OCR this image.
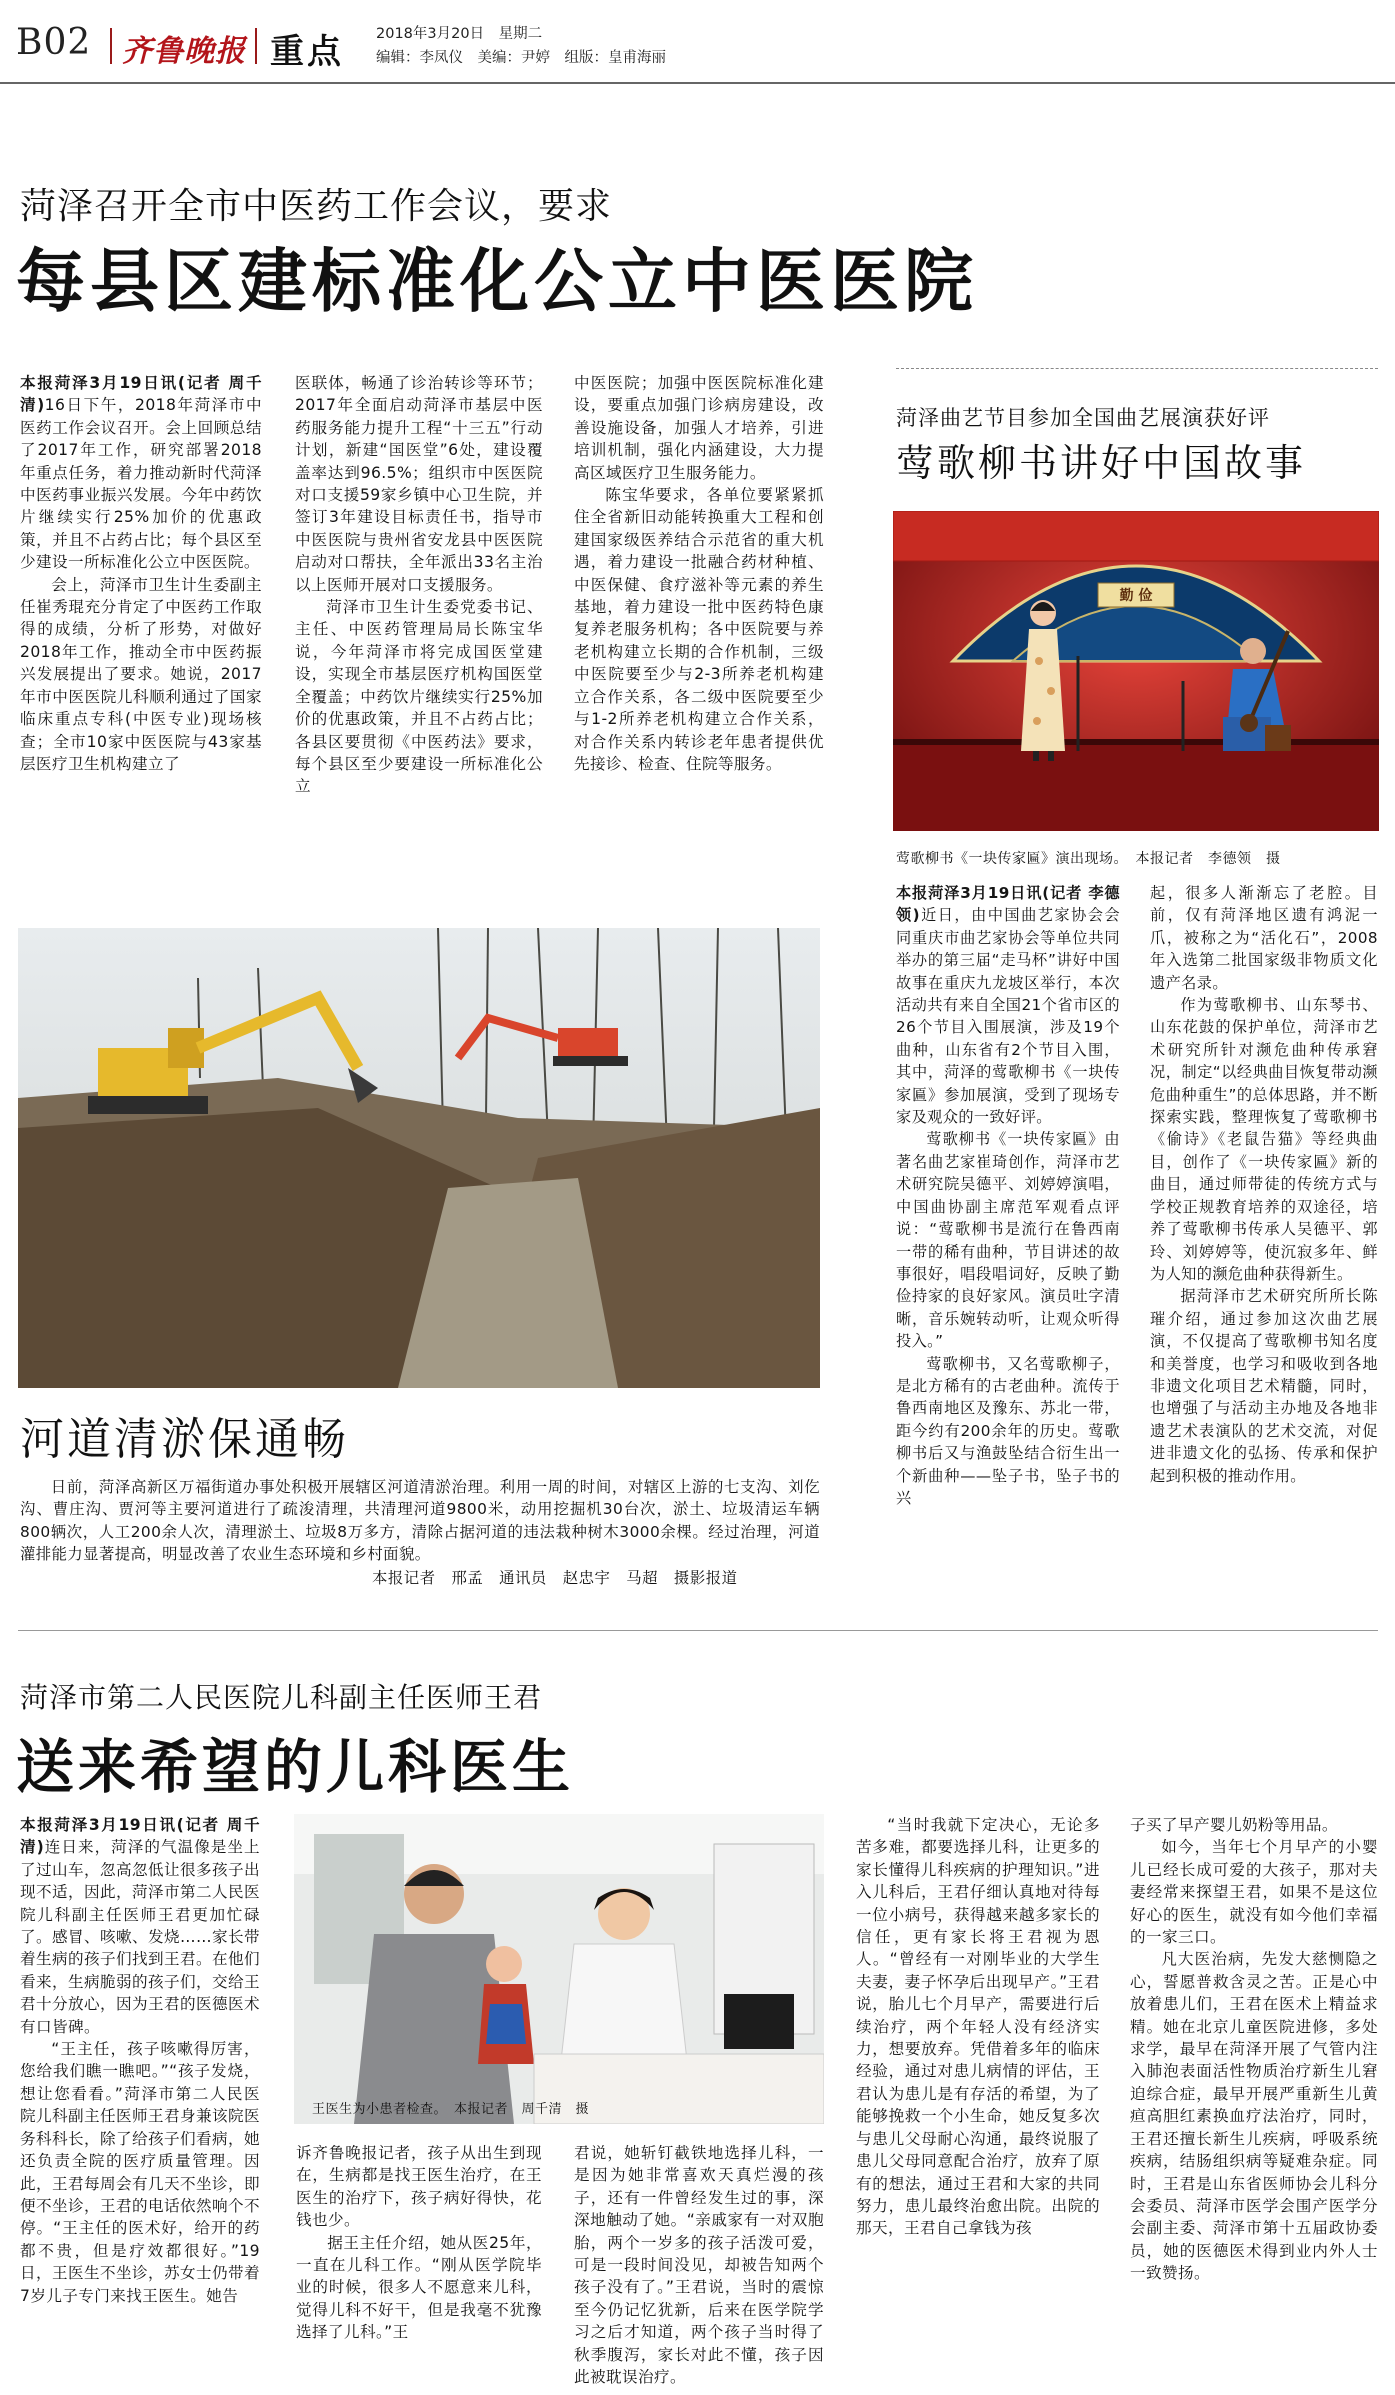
B02 齐鲁晚报 重点 2018年3月20日　星期二
编辑：李凤仪　美编：尹婷　组版：皇甫海丽
菏泽召开全市中医药工作会议，要求
每县区建标准化公立中医医院

本报菏泽3月19日讯(记者 周千清)16日下午，2018年菏泽市中医药工作会议召开。会上回顾总结了2017年工作，研究部署2018年重点任务，着力推动新时代菏泽中医药事业振兴发展。今年中药饮片继续实行25%加价的优惠政策，并且不占药占比；每个县区至少建设一所标准化公立中医医院。

会上，菏泽市卫生计生委副主任崔秀琨充分肯定了中医药工作取得的成绩，分析了形势，对做好2018年工作，推动全市中医药振兴发展提出了要求。她说，2017年市中医医院儿科顺利通过了国家临床重点专科(中医专业)现场核查；全市10家中医医院与43家基层医疗卫生机构建立了

医联体，畅通了诊治转诊等环节；2017年全面启动菏泽市基层中医药服务能力提升工程“十三五”行动计划，新建“国医堂”6处，建设覆盖率达到96.5%；组织市中医医院对口支援59家乡镇中心卫生院，并签订3年建设目标责任书，指导市中医医院与贵州省安龙县中医医院启动对口帮扶，全年派出33名主治以上医师开展对口支援服务。

菏泽市卫生计生委党委书记、主任、中医药管理局局长陈宝华说，今年菏泽市将完成国医堂建设，实现全市基层医疗机构国医堂全覆盖；中药饮片继续实行25%加价的优惠政策，并且不占药占比；各县区要贯彻《中医药法》要求，每个县区至少要建设一所标准化公立

中医医院；加强中医医院标准化建设，要重点加强门诊病房建设，改善设施设备，加强人才培养，引进培训机制，强化内涵建设，大力提高区域医疗卫生服务能力。

陈宝华要求，各单位要紧紧抓住全省新旧动能转换重大工程和创建国家级医养结合示范省的重大机遇，着力建设一批融合药材种植、中医保健、食疗滋补等元素的养生基地，着力建设一批中医药特色康复养老服务机构；各中医院要与养老机构建立长期的合作机制，三级中医院要至少与2-3所养老机构建立合作关系，各二级中医院要至少与1-2所养老机构建立合作关系，对合作关系内转诊老年患者提供优先接诊、检查、住院等服务。

菏泽曲艺节目参加全国曲艺展演获好评
莺歌柳书讲好中国故事
勤 俭
莺歌柳书《一块传家匾》演出现场。　本报记者　李德领　摄

本报菏泽3月19日讯(记者 李德领)近日，由中国曲艺家协会会同重庆市曲艺家协会等单位共同举办的第三届“走马杯”讲好中国故事在重庆九龙坡区举行，本次活动共有来自全国21个省市区的26个节目入围展演，涉及19个曲种，山东省有2个节目入围，其中，菏泽的莺歌柳书《一块传家匾》参加展演，受到了现场专家及观众的一致好评。

莺歌柳书《一块传家匾》由著名曲艺家崔琦创作，菏泽市艺术研究院吴德平、刘婷婷演唱，中国曲协副主席范军观看点评说：“莺歌柳书是流行在鲁西南一带的稀有曲种，节目讲述的故事很好，唱段唱词好，反映了勤俭持家的良好家风。演员吐字清晰，音乐婉转动听，让观众听得投入。”

莺歌柳书，又名莺歌柳子，是北方稀有的古老曲种。流传于鲁西南地区及豫东、苏北一带，距今约有200余年的历史。莺歌柳书后又与渔鼓坠结合衍生出一个新曲种——坠子书，坠子书的兴

起，很多人渐渐忘了老腔。目前，仅有菏泽地区遗有鸿泥一爪，被称之为“活化石”，2008年入选第二批国家级非物质文化遗产名录。

作为莺歌柳书、山东琴书、山东花鼓的保护单位，菏泽市艺术研究所针对濒危曲种传承窘况，制定“以经典曲目恢复带动濒危曲种重生”的总体思路，并不断探索实践，整理恢复了莺歌柳书《偷诗》《老鼠告猫》等经典曲目，创作了《一块传家匾》新的曲目，通过师带徒的传统方式与学校正规教育培养的双途径，培养了莺歌柳书传承人吴德平、郭玲、刘婷婷等，使沉寂多年、鲜为人知的濒危曲种获得新生。

据菏泽市艺术研究所所长陈璀介绍，通过参加这次曲艺展演，不仅提高了莺歌柳书知名度和美誉度，也学习和吸收到各地非遗文化项目艺术精髓，同时，也增强了与活动主办地及各地非遗艺术表演队的艺术交流，对促进非遗文化的弘扬、传承和保护起到积极的推动作用。

河道清淤保通畅

日前，菏泽高新区万福街道办事处积极开展辖区河道清淤治理。利用一周的时间，对辖区上游的七支沟、刘仡沟、曹庄沟、贾河等主要河道进行了疏浚清理，共清理河道9800米，动用挖掘机30台次，淤土、垃圾清运车辆800辆次，人工200余人次，清理淤土、垃圾8万多方，清除占据河道的违法栽种树木3000余棵。经过治理，河道灌排能力显著提高，明显改善了农业生态环境和乡村面貌。

本报记者　邢孟　通讯员　赵忠宇　马超　摄影报道
菏泽市第二人民医院儿科副主任医师王君
送来希望的儿科医生

本报菏泽3月19日讯(记者 周千清)连日来，菏泽的气温像是坐上了过山车，忽高忽低让很多孩子出现不适，因此，菏泽市第二人民医院儿科副主任医师王君更加忙碌了。感冒、咳嗽、发烧……家长带着生病的孩子们找到王君。在他们看来，生病脆弱的孩子们，交给王君十分放心，因为王君的医德医术有口皆碑。

“王主任，孩子咳嗽得厉害，您给我们瞧一瞧吧。”“孩子发烧，想让您看看。”菏泽市第二人民医院儿科副主任医师王君身兼该院医务科科长，除了给孩子们看病，她还负责全院的医疗质量管理。因此，王君每周会有几天不坐诊，即便不坐诊，王君的电话依然响个不停。“王主任的医术好，给开的药都不贵，但是疗效都很好。”19日，王医生不坐诊，苏女士仍带着7岁儿子专门来找王医生。她告

王医生为小患者检查。　本报记者　周千清　摄

诉齐鲁晚报记者，孩子从出生到现在，生病都是找王医生治疗，在王医生的治疗下，孩子病好得快，花钱也少。

据王主任介绍，她从医25年，一直在儿科工作。“刚从医学院毕业的时候，很多人不愿意来儿科，觉得儿科不好干，但是我毫不犹豫选择了儿科。”王

君说，她斩钉截铁地选择儿科，一是因为她非常喜欢天真烂漫的孩子，还有一件曾经发生过的事，深深地触动了她。“亲戚家有一对双胞胎，两个一岁多的孩子活泼可爱，可是一段时间没见，却被告知两个孩子没有了。”王君说，当时的震惊至今仍记忆犹新，后来在医学院学习之后才知道，两个孩子当时得了秋季腹泻，家长对此不懂，孩子因此被耽误治疗。

“当时我就下定决心，无论多苦多难，都要选择儿科，让更多的家长懂得儿科疾病的护理知识。”进入儿科后，王君仔细认真地对待每一位小病号，获得越来越多家长的信任，更有家长将王君视为恩人。“曾经有一对刚毕业的大学生夫妻，妻子怀孕后出现早产。”王君说，胎儿七个月早产，需要进行后续治疗，两个年轻人没有经济实力，想要放弃。凭借着多年的临床经验，通过对患儿病情的评估，王君认为患儿是有存活的希望，为了能够挽救一个小生命，她反复多次与患儿父母耐心沟通，最终说服了患儿父母同意配合治疗，放弃了原有的想法，通过王君和大家的共同努力，患儿最终治愈出院。出院的那天，王君自己拿钱为孩

子买了早产婴儿奶粉等用品。

如今，当年七个月早产的小婴儿已经长成可爱的大孩子，那对夫妻经常来探望王君，如果不是这位好心的医生，就没有如今他们幸福的一家三口。

凡大医治病，先发大慈恻隐之心，誓愿普救含灵之苦。正是心中放着患儿们，王君在医术上精益求精。她在北京儿童医院进修，多处求学，最早在菏泽开展了气管内注入肺泡表面活性物质治疗新生儿窘迫综合症，最早开展严重新生儿黄疸高胆红素换血疗法治疗，同时，王君还擅长新生儿疾病，呼吸系统疾病，结肠组织病等疑难杂症。同时，王君是山东省医师协会儿科分会委员、菏泽市医学会围产医学分会副主委、菏泽市第十五届政协委员，她的医德医术得到业内外人士一致赞扬。
